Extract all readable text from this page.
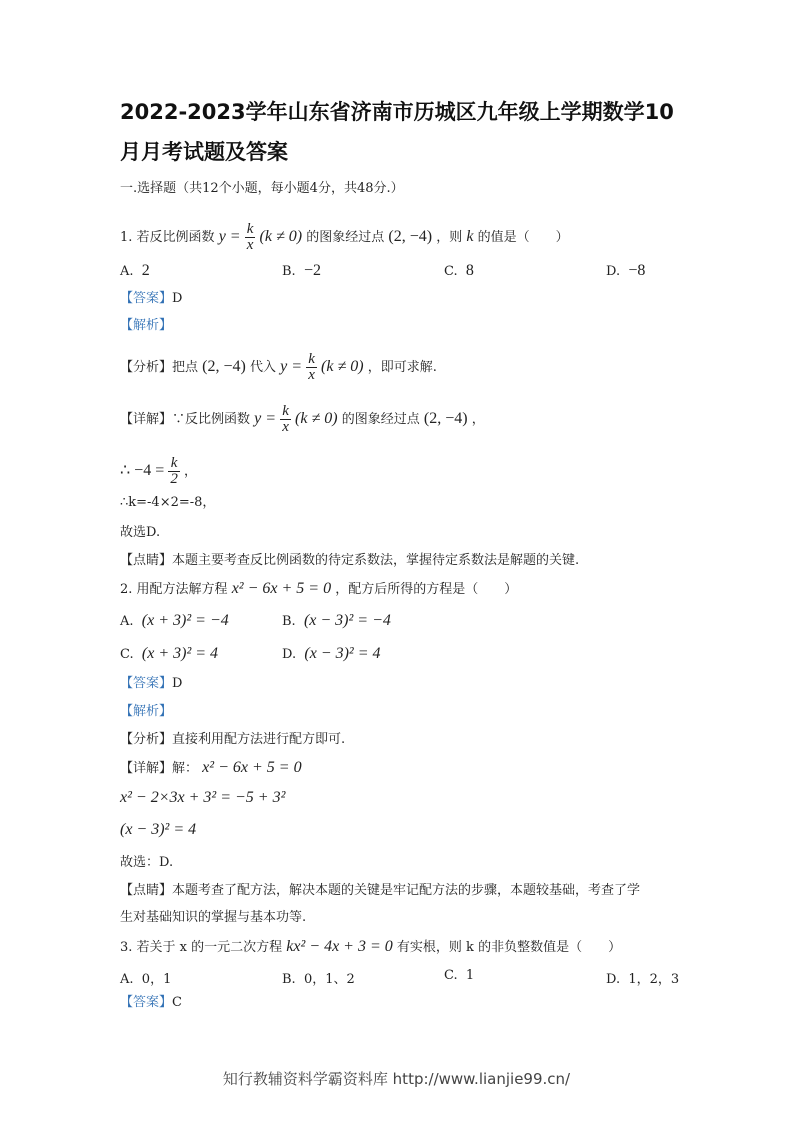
2022-2023学年山东省济南市历城区九年级上学期数学10月月考试题及答案
一.选择题（共12个小题，每小题4分，共48分.）
1. 若反比例函数 $y = \frac{k}{x} (k \ne 0)$ 的图象经过点 (2, −4) ，则 k 的值是（　　）
A. 2	B. −2	C. 8	D. −8
【答案】D
【解析】
【分析】把点 (2, −4) 代入 $y = \frac{k}{x} (k \ne 0)$ ，即可求解.
【详解】∵反比例函数 $y = \frac{k}{x} (k \ne 0)$ 的图象经过点 (2, −4) ，
∴ $-4 = \frac{k}{2}$ ，
∴k=-4×2=-8，
故选D.
【点睛】本题主要考查反比例函数的待定系数法，掌握待定系数法是解题的关键.
2. 用配方法解方程 x² − 6x + 5 = 0 ，配方后所得的方程是（　　）
A. (x + 3)² = −4	B. (x − 3)² = −4
C. (x + 3)² = 4	D. (x − 3)² = 4
【答案】D
【解析】
【分析】直接利用配方法进行配方即可.
【详解】解： x² − 6x + 5 = 0
x² − 2×3x + 3² = −5 + 3²
(x − 3)² = 4
故选：D.
【点睛】本题考查了配方法，解决本题的关键是牢记配方法的步骤，本题较基础，考查了学
生对基础知识的掌握与基本功等.
3. 若关于 x 的一元二次方程 kx² − 4x + 3 = 0 有实根，则 k 的非负整数值是（　　）
A. 0，1	B. 0，1、2	C. 1	D. 1，2，3
【答案】C
知行教辅资料学霸资料库 http://www.lianjie99.cn/
